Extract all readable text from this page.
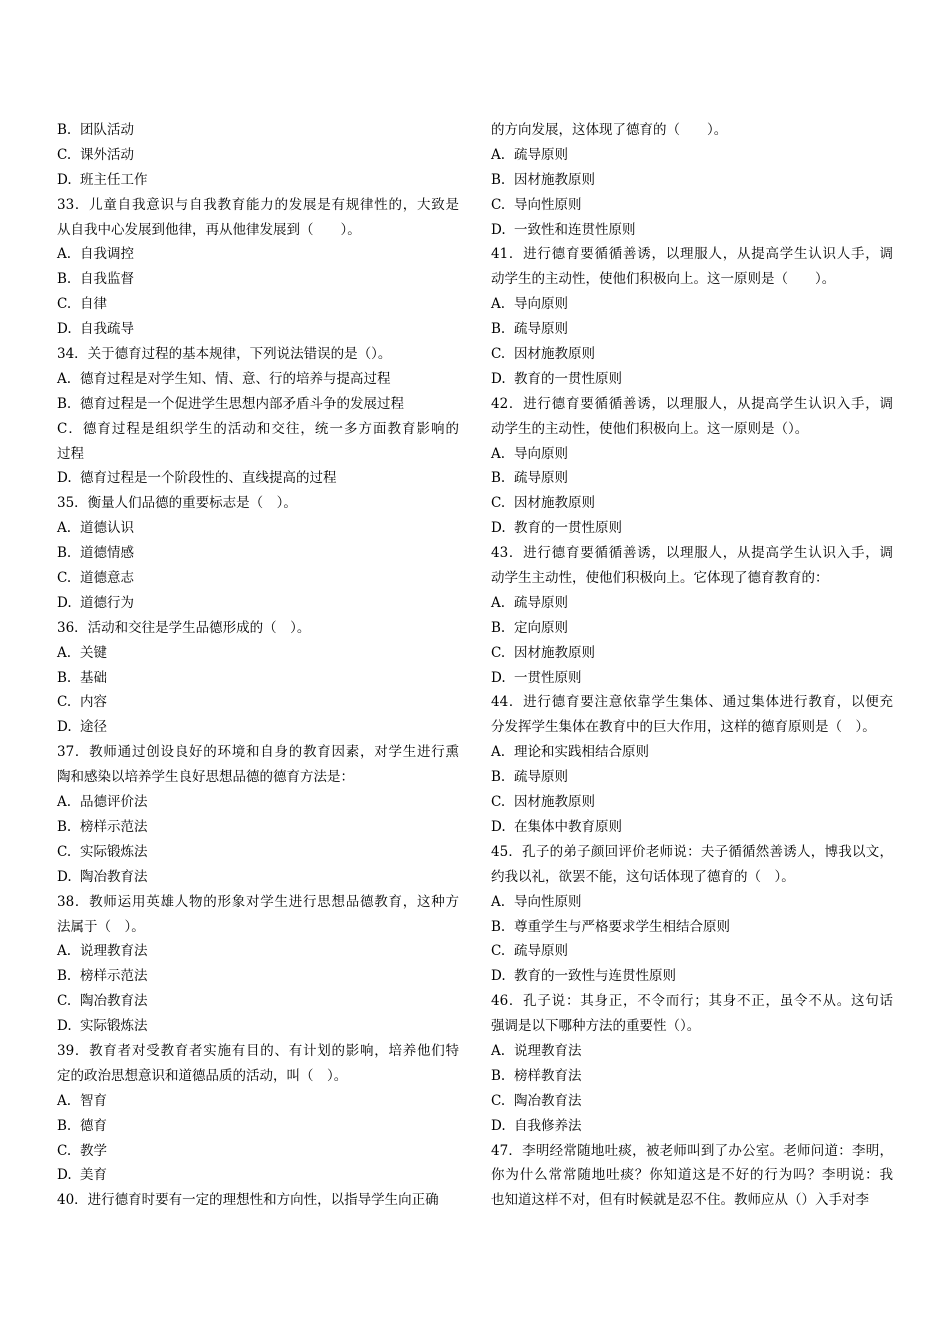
B. 团队活动
C. 课外活动
D. 班主任工作
33．儿童自我意识与自我教育能力的发展是有规律性的，大致是
从自我中心发展到他律，再从他律发展到（　　）。
A. 自我调控
B. 自我监督
C. 自律
D. 自我疏导
34．关于德育过程的基本规律，下列说法错误的是（）。
A. 德育过程是对学生知、情、意、行的培养与提高过程
B. 德育过程是一个促进学生思想内部矛盾斗争的发展过程
C．德育过程是组织学生的活动和交往，统一多方面教育影响的
过程
D. 德育过程是一个阶段性的、直线提高的过程
35．衡量人们品德的重要标志是（　）。
A. 道德认识
B. 道德情感
C. 道德意志
D. 道德行为
36．活动和交往是学生品德形成的（　）。
A. 关键
B. 基础
C. 内容
D. 途径
37．教师通过创设良好的环境和自身的教育因素，对学生进行熏
陶和感染以培养学生良好思想品德的德育方法是：
A. 品德评价法
B. 榜样示范法
C. 实际锻炼法
D. 陶冶教育法
38．教师运用英雄人物的形象对学生进行思想品德教育，这种方
法属于（　）。
A. 说理教育法
B. 榜样示范法
C. 陶冶教育法
D. 实际锻炼法
39．教育者对受教育者实施有目的、有计划的影响，培养他们特
定的政治思想意识和道德品质的活动，叫（　）。
A. 智育
B. 德育
C. 教学
D. 美育
40．进行德育时要有一定的理想性和方向性，以指导学生向正确
的方向发展，这体现了德育的（　　）。
A. 疏导原则
B. 因材施教原则
C. 导向性原则
D. 一致性和连贯性原则
41．进行德育要循循善诱，以理服人，从提高学生认识人手，调
动学生的主动性，使他们积极向上。这一原则是（　　）。
A. 导向原则
B. 疏导原则
C. 因材施教原则
D. 教育的一贯性原则
42．进行德育要循循善诱，以理服人，从提高学生认识入手，调
动学生的主动性，使他们积极向上。这一原则是（）。
A. 导向原则
B. 疏导原则
C. 因材施教原则
D. 教育的一贯性原则
43．进行德育要循循善诱，以理服人，从提高学生认识入手，调
动学生主动性，使他们积极向上。它体现了德育教育的：
A. 疏导原则
B. 定向原则
C. 因材施教原则
D. 一贯性原则
44．进行德育要注意依靠学生集体、通过集体进行教育，以便充
分发挥学生集体在教育中的巨大作用，这样的德育原则是（　）。
A. 理论和实践相结合原则
B. 疏导原则
C. 因材施教原则
D. 在集体中教育原则
45．孔子的弟子颜回评价老师说：夫子循循然善诱人，博我以文，
约我以礼，欲罢不能，这句话体现了德育的（　）。
A. 导向性原则
B. 尊重学生与严格要求学生相结合原则
C. 疏导原则
D. 教育的一致性与连贯性原则
46．孔子说：其身正，不令而行；其身不正，虽令不从。这句话
强调是以下哪种方法的重要性（）。
A. 说理教育法
B. 榜样教育法
C. 陶冶教育法
D. 自我修养法
47．李明经常随地吐痰，被老师叫到了办公室。老师问道：李明，
你为什么常常随地吐痰？你知道这是不好的行为吗？李明说：我
也知道这样不对，但有时候就是忍不住。教师应从（）入手对李
